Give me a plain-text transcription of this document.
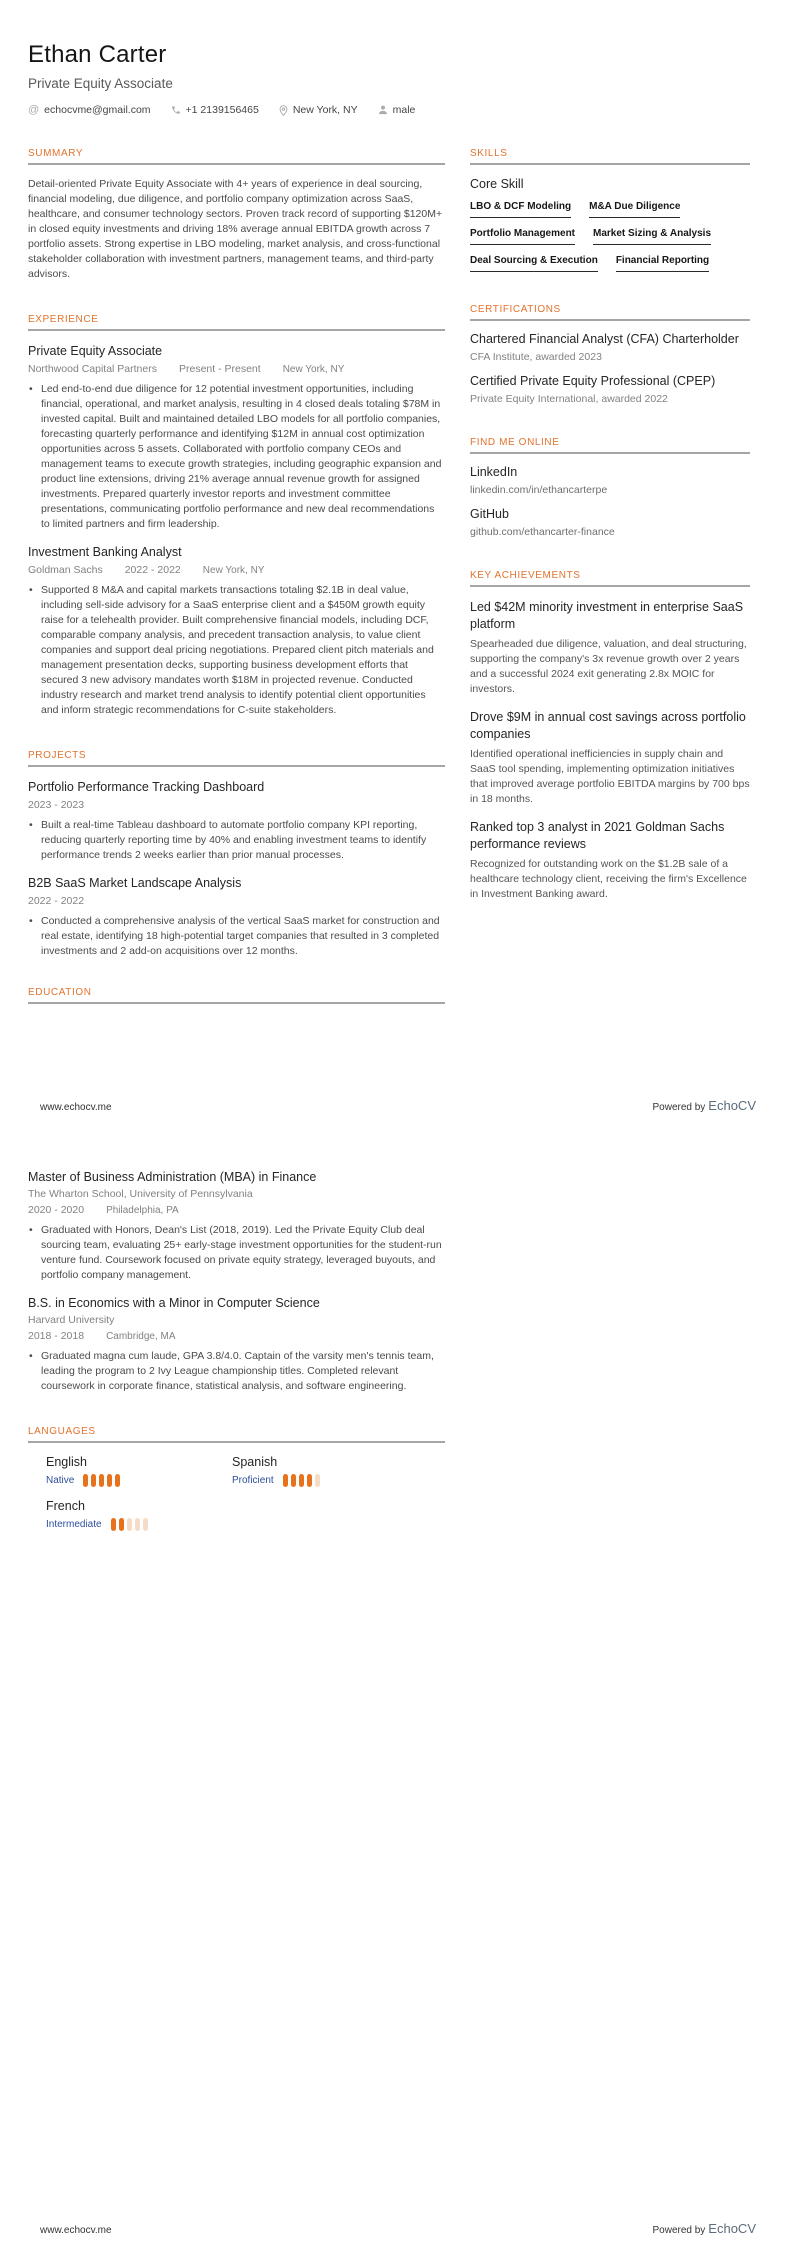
Ethan Carter
Private Equity Associate
@ echocvme@gmail.com	+1 2139156465	New York, NY	male
SUMMARY
Detail-oriented Private Equity Associate with 4+ years of experience in deal sourcing, financial modeling, due diligence, and portfolio company optimization across SaaS, healthcare, and consumer technology sectors. Proven track record of supporting $120M+ in closed equity investments and driving 18% average annual EBITDA growth across 7 portfolio assets. Strong expertise in LBO modeling, market analysis, and cross-functional stakeholder collaboration with investment partners, management teams, and third-party advisors.
EXPERIENCE
Private Equity Associate
Northwood Capital Partners Present - Present New York, NY
• Led end-to-end due diligence for 12 potential investment opportunities, including financial, operational, and market analysis, resulting in 4 closed deals totaling $78M in invested capital. Built and maintained detailed LBO models for all portfolio companies, forecasting quarterly performance and identifying $12M in annual cost optimization opportunities across 5 assets. Collaborated with portfolio company CEOs and management teams to execute growth strategies, including geographic expansion and product line extensions, driving 21% average annual revenue growth for assigned investments. Prepared quarterly investor reports and investment committee presentations, communicating portfolio performance and new deal recommendations to limited partners and firm leadership.
Investment Banking Analyst
Goldman Sachs 2022 - 2022 New York, NY
• Supported 8 M&A and capital markets transactions totaling $2.1B in deal value, including sell-side advisory for a SaaS enterprise client and a $450M growth equity raise for a telehealth provider. Built comprehensive financial models, including DCF, comparable company analysis, and precedent transaction analysis, to value client companies and support deal pricing negotiations. Prepared client pitch materials and management presentation decks, supporting business development efforts that secured 3 new advisory mandates worth $18M in projected revenue. Conducted industry research and market trend analysis to identify potential client opportunities and inform strategic recommendations for C-suite stakeholders.
PROJECTS
Portfolio Performance Tracking Dashboard
2023 - 2023
• Built a real-time Tableau dashboard to automate portfolio company KPI reporting, reducing quarterly reporting time by 40% and enabling investment teams to identify performance trends 2 weeks earlier than prior manual processes.
B2B SaaS Market Landscape Analysis
2022 - 2022
• Conducted a comprehensive analysis of the vertical SaaS market for construction and real estate, identifying 18 high-potential target companies that resulted in 3 completed investments and 2 add-on acquisitions over 12 months.
EDUCATION
SKILLS
Core Skill
LBO & DCF Modeling M&A Due Diligence
Portfolio Management Market Sizing & Analysis
Deal Sourcing & Execution Financial Reporting
CERTIFICATIONS
Chartered Financial Analyst (CFA) Charterholder
CFA Institute, awarded 2023
Certified Private Equity Professional (CPEP)
Private Equity International, awarded 2022
FIND ME ONLINE
LinkedIn
linkedin.com/in/ethancarterpe
GitHub
github.com/ethancarter-finance
KEY ACHIEVEMENTS
Led $42M minority investment in enterprise SaaS platform
Spearheaded due diligence, valuation, and deal structuring, supporting the company's 3x revenue growth over 2 years and a successful 2024 exit generating 2.8x MOIC for investors.
Drove $9M in annual cost savings across portfolio companies
Identified operational inefficiencies in supply chain and SaaS tool spending, implementing optimization initiatives that improved average portfolio EBITDA margins by 700 bps in 18 months.
Ranked top 3 analyst in 2021 Goldman Sachs performance reviews
Recognized for outstanding work on the $1.2B sale of a healthcare technology client, receiving the firm's Excellence in Investment Banking award.
www.echocv.me	Powered by EchoCV
Master of Business Administration (MBA) in Finance
The Wharton School, University of Pennsylvania
2020 - 2020 Philadelphia, PA
• Graduated with Honors, Dean's List (2018, 2019). Led the Private Equity Club deal sourcing team, evaluating 25+ early-stage investment opportunities for the student-run venture fund. Coursework focused on private equity strategy, leveraged buyouts, and portfolio company management.
B.S. in Economics with a Minor in Computer Science
Harvard University
2018 - 2018 Cambridge, MA
• Graduated magna cum laude, GPA 3.8/4.0. Captain of the varsity men's tennis team, leading the program to 2 Ivy League championship titles. Completed relevant coursework in corporate finance, statistical analysis, and software engineering.
LANGUAGES
English
Native
Spanish
Proficient
French
Intermediate
www.echocv.me	Powered by EchoCV
